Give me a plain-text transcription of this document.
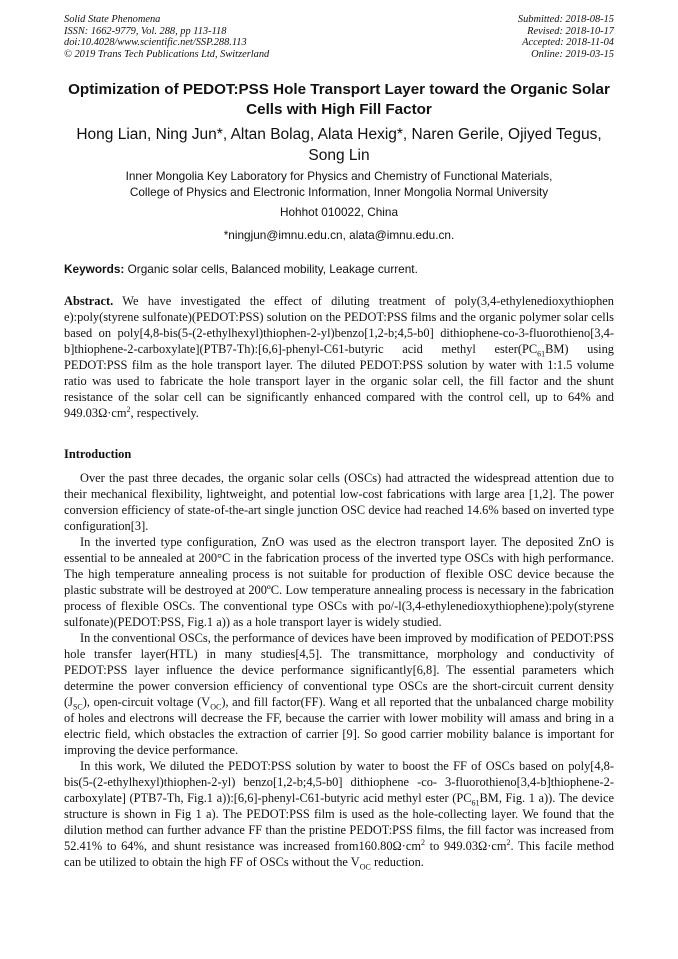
Solid State Phenomena
ISSN: 1662-9779, Vol. 288, pp 113-118
doi:10.4028/www.scientific.net/SSP.288.113
© 2019 Trans Tech Publications Ltd, Switzerland
Submitted: 2018-08-15
Revised: 2018-10-17
Accepted: 2018-11-04
Online: 2019-03-15
Optimization of PEDOT:PSS Hole Transport Layer toward the Organic Solar Cells with High Fill Factor
Hong Lian, Ning Jun*, Altan Bolag, Alata Hexig*, Naren Gerile, Ojiyed Tegus, Song Lin
Inner Mongolia Key Laboratory for Physics and Chemistry of Functional Materials, College of Physics and Electronic Information, Inner Mongolia Normal University
Hohhot 010022, China
*ningjun@imnu.edu.cn, alata@imnu.edu.cn.
Keywords: Organic solar cells, Balanced mobility, Leakage current.

Abstract. We have investigated the effect of diluting treatment of poly(3,4-ethylenedioxythiophen e):poly(styrene sulfonate)(PEDOT:PSS) solution on the PEDOT:PSS films and the organic polymer solar cells based on poly[4,8-bis(5-(2-ethylhexyl)thiophen-2-yl)benzo[1,2-b;4,5-b0] dithiophene-co-3-fluorothieno[3,4-b]thiophene-2-carboxylate](PTB7-Th):[6,6]-phenyl-C61-butyric acid methyl $ester(PC_{61}BM)$ using PEDOT:PSS film as the hole transport layer. The diluted PEDOT:PSS solution by water with 1:1.5 volume ratio was used to fabricate the hole transport layer in the organic solar cell, the fill factor and the shunt resistance of the solar cell can be significantly enhanced compared with the control cell, up to 64% and $949.03\Omega\cdot cm^2$, respectively.

Introduction

Over the past three decades, the organic solar cells (OSCs) had attracted the widespread attention due to their mechanical flexibility, lightweight, and potential low-cost fabrications with large area [1,2]. The power conversion efficiency of state-of-the-art single junction OSC device had reached 14.6% based on inverted type configuration[3].

In the inverted type configuration, ZnO was used as the electron transport layer. The deposited ZnO is essential to be annealed at 200°C in the fabrication process of the inverted type OSCs with high performance. The high temperature annealing process is not suitable for production of flexible OSC device because the plastic substrate will be destroyed at 200ºC. Low temperature annealing process is necessary in the fabrication process of flexible OSCs. The conventional type OSCs with po/-l(3,4-ethylenedioxythiophene):poly(styrene sulfonate)(PEDOT:PSS, Fig.1 a)) as a hole transport layer is widely studied.

In the conventional OSCs, the performance of devices have been improved by modification of PEDOT:PSS hole transfer layer(HTL) in many studies[4,5]. The transmittance, morphology and conductivity of PEDOT:PSS layer influence the device performance significantly[6,8]. The essential parameters which determine the power conversion efficiency of conventional type OSCs are the short-circuit current density $(J_{SC})$, open-circuit voltage $(V_{OC})$, and fill factor(FF). Wang et all reported that the unbalanced charge mobility of holes and electrons will decrease the FF, because the carrier with lower mobility will amass and bring in a electric field, which obstacles the extraction of carrier [9]. So good carrier mobility balance is important for improving the device performance.

In this work, We diluted the PEDOT:PSS solution by water to boost the FF of OSCs based on poly[4,8-bis(5-(2-ethylhexyl)thiophen-2-yl) benzo[1,2-b;4,5-b0] dithiophene -co- 3-fluorothieno[3,4-b]thiophene-2-carboxylate] (PTB7-Th, Fig.1 a)):[6,6]-phenyl-C61-butyric acid methyl ester ($PC_{61}BM$, Fig. 1 a)). The device structure is shown in Fig 1 a). The PEDOT:PSS film is used as the hole-collecting layer. We found that the dilution method can further advance FF than the pristine PEDOT:PSS films, the fill factor was increased from 52.41% to 64%, and shunt resistance was increased $from160.80\Omega\cdot cm^2$ to $949.03\Omega\cdot cm^2$. This facile method can be utilized to obtain the high FF of OSCs without the $V_{OC}$ reduction.
